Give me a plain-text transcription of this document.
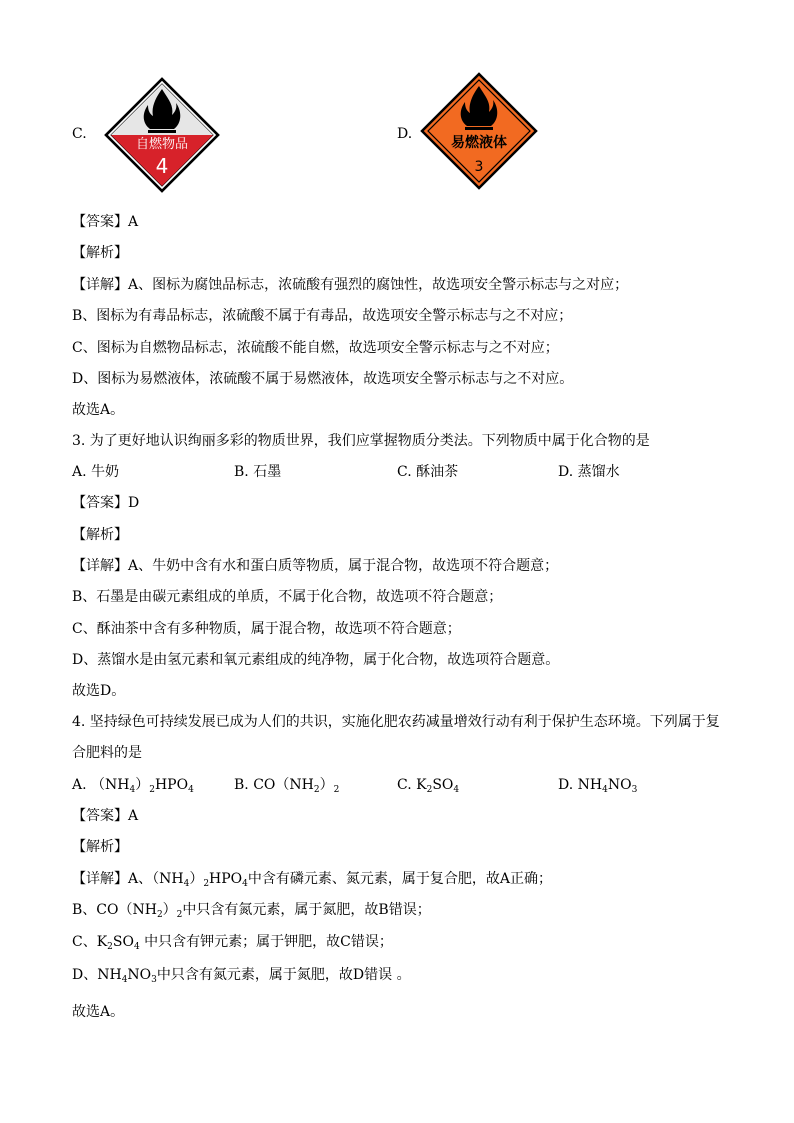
C.
自燃物品
4
D.
易燃液体
3
【答案】A
【解析】
【详解】A、图标为腐蚀品标志，浓硫酸有强烈的腐蚀性，故选项安全警示标志与之对应；
B、图标为有毒品标志，浓硫酸不属于有毒品，故选项安全警示标志与之不对应；
C、图标为自燃物品标志，浓硫酸不能自燃，故选项安全警示标志与之不对应；
D、图标为易燃液体，浓硫酸不属于易燃液体，故选项安全警示标志与之不对应。
故选A。
3. 为了更好地认识绚丽多彩的物质世界，我们应掌握物质分类法。下列物质中属于化合物的是
A. 牛奶	B. 石墨	C. 酥油茶	D. 蒸馏水
【答案】D
【解析】
【详解】A、牛奶中含有水和蛋白质等物质，属于混合物，故选项不符合题意；
B、石墨是由碳元素组成的单质，不属于化合物，故选项不符合题意；
C、酥油茶中含有多种物质，属于混合物，故选项不符合题意；
D、蒸馏水是由氢元素和氧元素组成的纯净物，属于化合物，故选项符合题意。
故选D。
4. 坚持绿色可持续发展已成为人们的共识，实施化肥农药减量增效行动有利于保护生态环境。下列属于复
合肥料的是
A. $(NH_4)_2HPO_4$	B. $CO(NH_2)_2$	C. $K_2SO_4$	D. $NH_4NO_3$
【答案】A
【解析】
【详解】A、$(NH_4)_2HPO_4$中含有磷元素、氮元素，属于复合肥，故A正确；
B、$CO(NH_2)_2$中只含有氮元素，属于氮肥，故B错误；
C、$K_2SO_4$ 中只含有钾元素；属于钾肥，故C错误；
D、$NH_4NO_3$中只含有氮元素，属于氮肥，故D错误 。
故选A。
